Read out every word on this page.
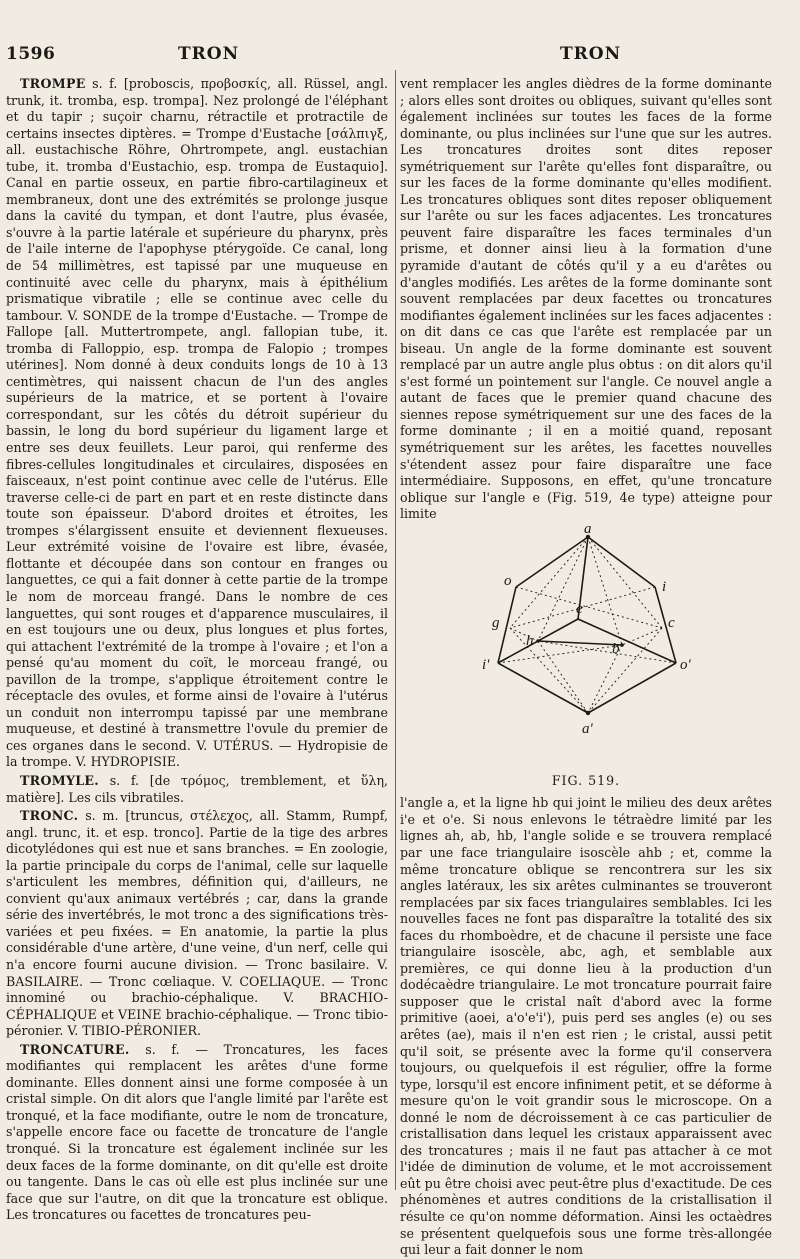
1596	TRON	TRON

TROMPE s. f. [proboscis, προβοσκίς, all. Rüssel, angl. trunk, it. tromba, esp. trompa]. Nez prolongé de l'éléphant et du tapir ; suçoir charnu, rétractile et protractile de certains insectes diptères. = Trompe d'Eustache [σάλπιγξ, all. eustachische Röhre, Ohrtrompete, angl. eustachian tube, it. tromba d'Eustachio, esp. trompa de Eustaquio]. Canal en partie osseux, en partie fibro-cartilagineux et membraneux, dont une des extrémités se prolonge jusque dans la cavité du tympan, et dont l'autre, plus évasée, s'ouvre à la partie latérale et supérieure du pharynx, près de l'aile interne de l'apophyse ptérygoïde. Ce canal, long de 54 millimètres, est tapissé par une muqueuse en continuité avec celle du pharynx, mais à épithélium prismatique vibratile ; elle se continue avec celle du tambour. V. SONDE de la trompe d'Eustache. — Trompe de Fallope [all. Muttertrompete, angl. fallopian tube, it. tromba di Falloppio, esp. trompa de Falopio ; trompes utérines]. Nom donné à deux conduits longs de 10 à 13 centimètres, qui naissent chacun de l'un des angles supérieurs de la matrice, et se portent à l'ovaire correspondant, sur les côtés du détroit supérieur du bassin, le long du bord supérieur du ligament large et entre ses deux feuillets. Leur paroi, qui renferme des fibres-cellules longitudinales et circulaires, disposées en faisceaux, n'est point continue avec celle de l'utérus. Elle traverse celle-ci de part en part et en reste distincte dans toute son épaisseur. D'abord droites et étroites, les trompes s'élargissent ensuite et deviennent flexueuses. Leur extrémité voisine de l'ovaire est libre, évasée, flottante et découpée dans son contour en franges ou languettes, ce qui a fait donner à cette partie de la trompe le nom de morceau frangé. Dans le nombre de ces languettes, qui sont rouges et d'apparence musculaires, il en est toujours une ou deux, plus longues et plus fortes, qui attachent l'extrémité de la trompe à l'ovaire ; et l'on a pensé qu'au moment du coït, le morceau frangé, ou pavillon de la trompe, s'applique étroitement contre le réceptacle des ovules, et forme ainsi de l'ovaire à l'utérus un conduit non interrompu tapissé par une membrane muqueuse, et destiné à transmettre l'ovule du premier de ces organes dans le second. V. UTÉRUS. — Hydropisie de la trompe. V. HYDROPISIE.

TROMYLE. s. f. [de τρόμος, tremblement, et ὕλη, matière]. Les cils vibratiles.

TRONC. s. m. [truncus, στέλεχος, all. Stamm, Rumpf, angl. trunc, it. et esp. tronco]. Partie de la tige des arbres dicotylédones qui est nue et sans branches. = En zoologie, la partie principale du corps de l'animal, celle sur laquelle s'articulent les membres, définition qui, d'ailleurs, ne convient qu'aux animaux vertébrés ; car, dans la grande série des invertébrés, le mot tronc a des significations très-variées et peu fixées. = En anatomie, la partie la plus considérable d'une artère, d'une veine, d'un nerf, celle qui n'a encore fourni aucune division. — Tronc basilaire. V. BASILAIRE. — Tronc cœliaque. V. COELIAQUE. — Tronc innominé ou brachio-céphalique. V. BRACHIO-CÉPHALIQUE et VEINE brachio-céphalique. — Tronc tibio-péronier. V. TIBIO-PÉRONIER.

TRONCATURE. s. f. — Troncatures, les faces modifiantes qui remplacent les arêtes d'une forme dominante. Elles donnent ainsi une forme composée à un cristal simple. On dit alors que l'angle limité par l'arête est tronqué, et la face modifiante, outre le nom de troncature, s'appelle encore face ou facette de troncature de l'angle tronqué. Si la troncature est également inclinée sur les deux faces de la forme dominante, on dit qu'elle est droite ou tangente. Dans le cas où elle est plus inclinée sur une face que sur l'autre, on dit que la troncature est oblique. Les troncatures ou facettes de troncatures peu-

vent remplacer les angles dièdres de la forme dominante ; alors elles sont droites ou obliques, suivant qu'elles sont également inclinées sur toutes les faces de la forme dominante, ou plus inclinées sur l'une que sur les autres. Les troncatures droites sont dites reposer symétriquement sur l'arête qu'elles font disparaître, ou sur les faces de la forme dominante qu'elles modifient. Les troncatures obliques sont dites reposer obliquement sur l'arête ou sur les faces adjacentes. Les troncatures peuvent faire disparaître les faces terminales d'un prisme, et donner ainsi lieu à la formation d'une pyramide d'autant de côtés qu'il y a eu d'arêtes ou d'angles modifiés. Les arêtes de la forme dominante sont souvent remplacées par deux facettes ou troncatures modifiantes également inclinées sur les faces adjacentes : on dit dans ce cas que l'arête est remplacée par un biseau. Un angle de la forme dominante est souvent remplacé par un autre angle plus obtus : on dit alors qu'il s'est formé un pointement sur l'angle. Ce nouvel angle a autant de faces que le premier quand chacune des siennes repose symétriquement sur une des faces de la forme dominante ; il en a moitié quand, reposant symétriquement sur les arêtes, les facettes nouvelles s'étendent assez pour faire disparaître une face intermédiaire. Supposons, en effet, qu'une troncature oblique sur l'angle e (Fig. 519, 4e type) atteigne pour limite

a
o	i
e
g	c
h	b
i'	o'
a'

FIG. 519.

l'angle a, et la ligne hb qui joint le milieu des deux arêtes i'e et o'e. Si nous enlevons le tétraèdre limité par les lignes ah, ab, hb, l'angle solide e se trouvera remplacé par une face triangulaire isoscèle ahb ; et, comme la même troncature oblique se rencontrera sur les six angles latéraux, les six arêtes culminantes se trouveront remplacées par six faces triangulaires semblables. Ici les nouvelles faces ne font pas disparaître la totalité des six faces du rhomboèdre, et de chacune il persiste une face triangulaire isoscèle, abc, agh, et semblable aux premières, ce qui donne lieu à la production d'un dodécaèdre triangulaire. Le mot troncature pourrait faire supposer que le cristal naît d'abord avec la forme primitive (aoei, a'o'e'i'), puis perd ses angles (e) ou ses arêtes (ae), mais il n'en est rien ; le cristal, aussi petit qu'il soit, se présente avec la forme qu'il conservera toujours, ou quelquefois il est régulier, offre la forme type, lorsqu'il est encore infiniment petit, et se déforme à mesure qu'on le voit grandir sous le microscope. On a donné le nom de décroissement à ce cas particulier de cristallisation dans lequel les cristaux apparaissent avec des troncatures ; mais il ne faut pas attacher à ce mot l'idée de diminution de volume, et le mot accroissement eût pu être choisi avec peut-être plus d'exactitude. De ces phénomènes et autres conditions de la cristallisation il résulte ce qu'on nomme déformation. Ainsi les octaèdres se présentent quelquefois sous une forme très-allongée qui leur a fait donner le nom
